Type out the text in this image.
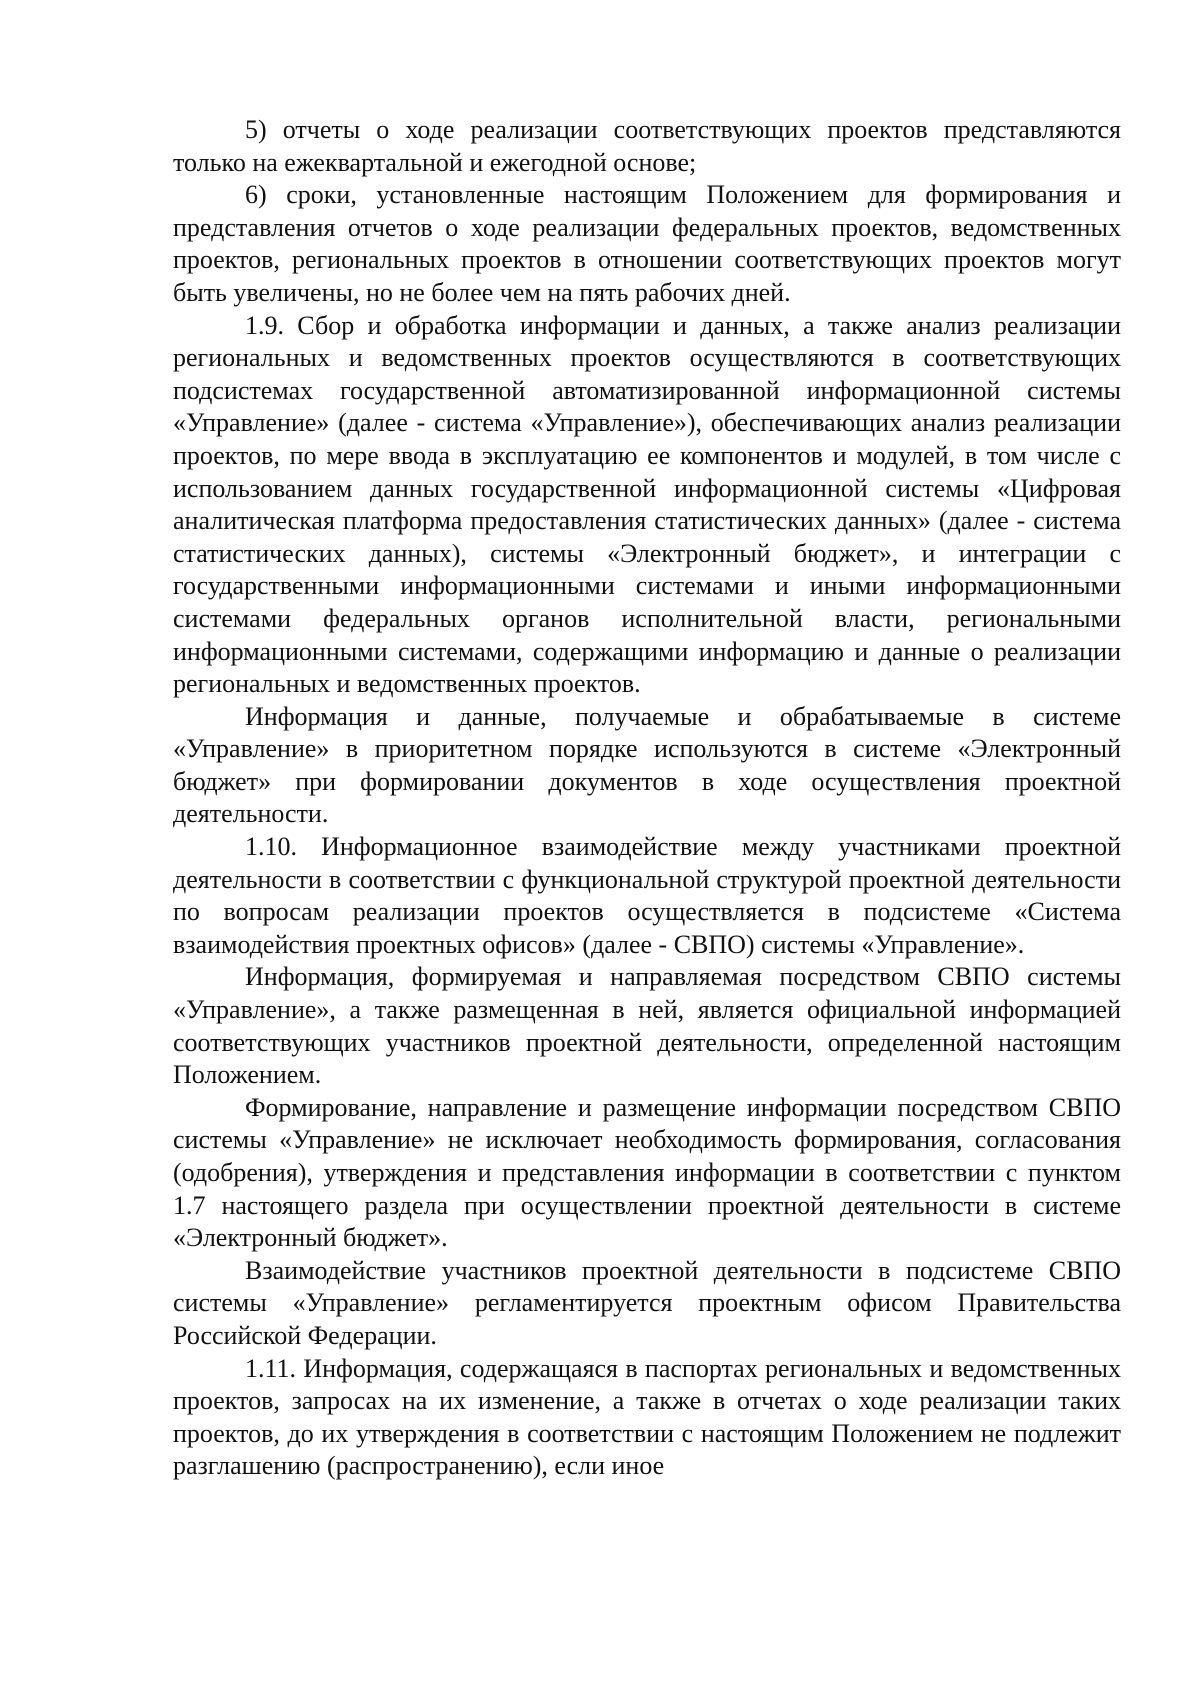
5) отчеты о ходе реализации соответствующих проектов представляются только на ежеквартальной и ежегодной основе;

6) сроки, установленные настоящим Положением для формирования и представления отчетов о ходе реализации федеральных проектов, ведомственных проектов, региональных проектов в отношении соответствующих проектов могут быть увеличены, но не более чем на пять рабочих дней.

1.9. Сбор и обработка информации и данных, а также анализ реализации региональных и ведомственных проектов осуществляются в соответствующих подсистемах государственной автоматизированной информационной системы «Управление» (далее - система «Управление»), обеспечивающих анализ реализации проектов, по мере ввода в эксплуатацию ее компонентов и модулей, в том числе с использованием данных государственной информационной системы «Цифровая аналитическая платформа предоставления статистических данных» (далее - система статистических данных), системы «Электронный бюджет», и интеграции с государственными информационными системами и иными информационными системами федеральных органов исполнительной власти, региональными информационными системами, содержащими информацию и данные о реализации региональных и ведомственных проектов.

Информация и данные, получаемые и обрабатываемые в системе «Управление» в приоритетном порядке используются в системе «Электронный бюджет» при формировании документов в ходе осуществления проектной деятельности.

1.10. Информационное взаимодействие между участниками проектной деятельности в соответствии с функциональной структурой проектной деятельности по вопросам реализации проектов осуществляется в подсистеме «Система взаимодействия проектных офисов» (далее - СВПО) системы «Управление».

Информация, формируемая и направляемая посредством СВПО системы «Управление», а также размещенная в ней, является официальной информацией соответствующих участников проектной деятельности, определенной настоящим Положением.

Формирование, направление и размещение информации посредством СВПО системы «Управление» не исключает необходимость формирования, согласования (одобрения), утверждения и представления информации в соответствии с пунктом 1.7 настоящего раздела при осуществлении проектной деятельности в системе «Электронный бюджет».

Взаимодействие участников проектной деятельности в подсистеме СВПО системы «Управление» регламентируется проектным офисом Правительства Российской Федерации.

1.11. Информация, содержащаяся в паспортах региональных и ведомственных проектов, запросах на их изменение, а также в отчетах о ходе реализации таких проектов, до их утверждения в соответствии с настоящим Положением не подлежит разглашению (распространению), если иное
